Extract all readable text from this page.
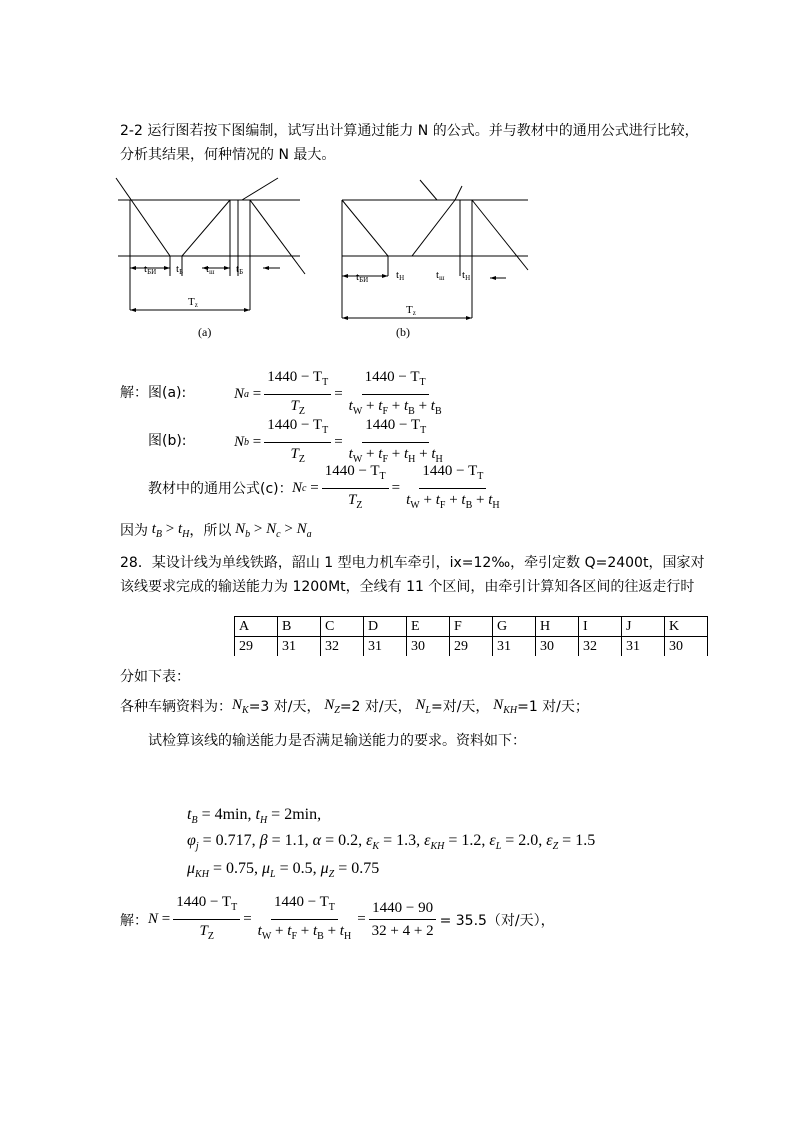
2-2 运行图若按下图编制，试写出计算通过能力 N 的公式。并与教材中的通用公式进行比较，
分析其结果，何种情况的 N 最大。
tБИ tБ tш tБ
Tz
tБИ	tН	tш tН
Tz
(a)	(b)
解：图(a):	N $a = \frac{1440 - T_T}{T_Z} = \frac{1440 - T_T}{t_W + t_F + t_B + t_B}$
图(b):	N $b = \frac{1440 - T_T}{T_Z} = \frac{1440 - T_T}{t_W + t_F + t_H + t_H}$
教材中的通用公式(c)： N $c = \frac{1440 - T_T}{T_Z} = \frac{1440 - T_T}{t_W + t_F + t_B + t_H}$
因为 $t_B > t_H$ ，所以 $N_b > N_c > N_a$
28．某设计线为单线铁路，韶山 1 型电力机车牵引，ix=12‰，牵引定数 Q=2400t，国家对
该线要求完成的输送能力为 1200Mt，全线有 11 个区间，由牵引计算知各区间的往返走行时
A	B	C	D	E	F	G	H	I	J	K
29	31	32	31	30	29	31	30	32	31	30
分如下表：
各种车辆资料为： $N_K =3$ 对/天， $N_Z =2$ 对/天， $N_L$ =对/天， $N_{KH} =1$ 对/天；
试检算该线的输送能力是否满足输送能力的要求。资料如下：
$t_B = 4\min$, $t_H = 2\min$,
$\varphi_j = 0.717$, β = 1.1, α = 0.2, $\varepsilon_K = 1.3$, $\varepsilon_{KH} = 1.2$, $\varepsilon_L = 2.0$, $\varepsilon_Z = 1.5$
$\mu_{KH} = 0.75$, $\mu_L = 0.5$, $\mu_Z = 0.75$
解： $N = \frac{1440 - T_T}{T_Z} = \frac{1440 - T_T}{t_W + t_F + t_B + t_H} = \frac{1440 - 90}{32 + 4 + 2} = 35.5$（对/天），
